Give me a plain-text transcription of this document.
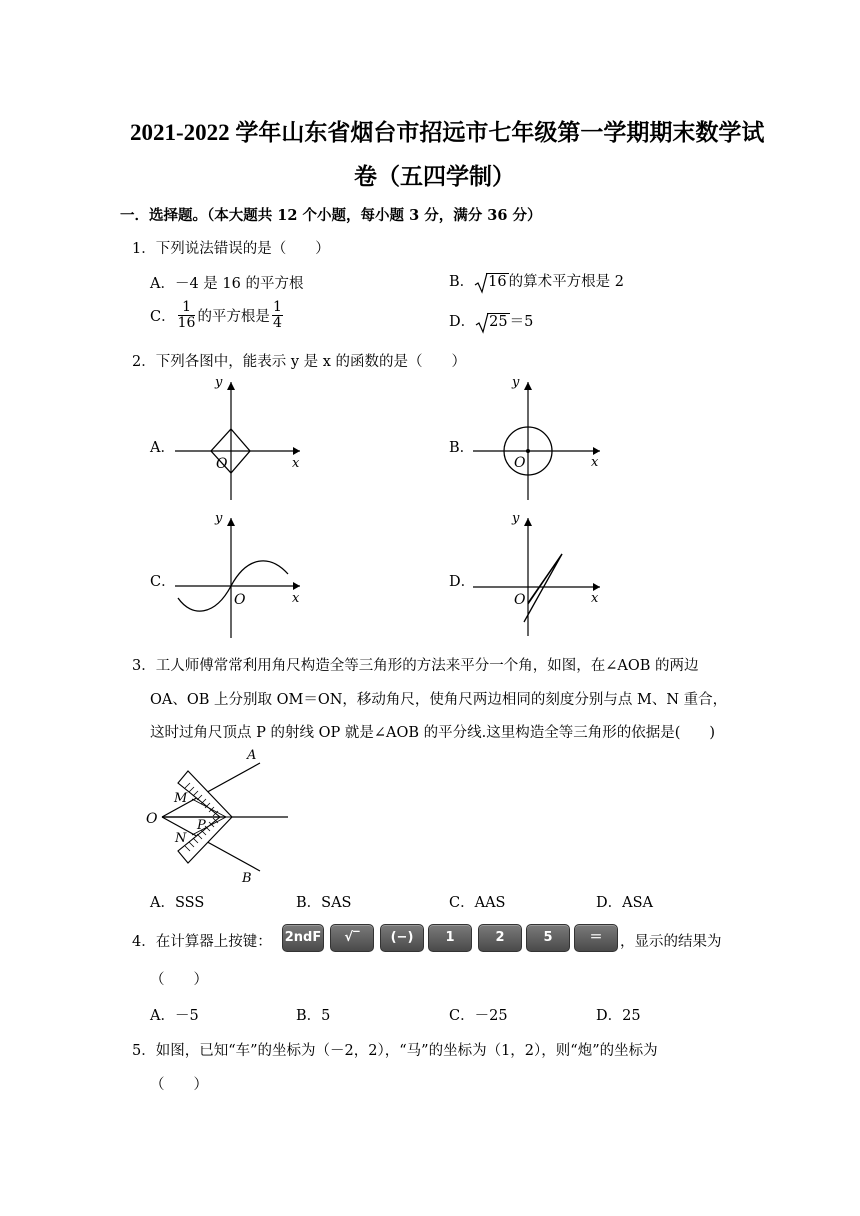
2021-2022 学年山东省烟台市招远市七年级第一学期期末数学试
卷（五四学制）
一．选择题。（本大题共 12 个小题，每小题 3 分，满分 36 分）
1．下列说法错误的是（　　）
A．－4 是 16 的平方根	B． 16 的算术平方根是 2
C． $\frac{1}{16}$ 的平方根是 $\frac{1}{4}$	D． 25 ＝5
2．下列各图中，能表示 y 是 x 的函数的是（　　）
A．
y
x
O
B．
y
x
O
C．
y
x
O
D．
y
x
O
3．工人师傅常常利用角尺构造全等三角形的方法来平分一个角，如图，在∠AOB 的两边
OA、OB 上分别取 OM＝ON，移动角尺，使角尺两边相同的刻度分别与点 M、N 重合，
这时过角尺顶点 P 的射线 OP 就是∠AOB 的平分线.这里构造全等三角形的依据是(　　)
A
B
O
M
N
P
A．SSS	B．SAS	C．AAS	D．ASA
4．在计算器上按键： 2ndF	√‾	(−)	1	2	5	＝	，显示的结果为
（　　）
A．－5	B．5	C．－25	D．25
5．如图，已知“车”的坐标为（－2，2），“马”的坐标为（1，2），则“炮”的坐标为
（　　）
